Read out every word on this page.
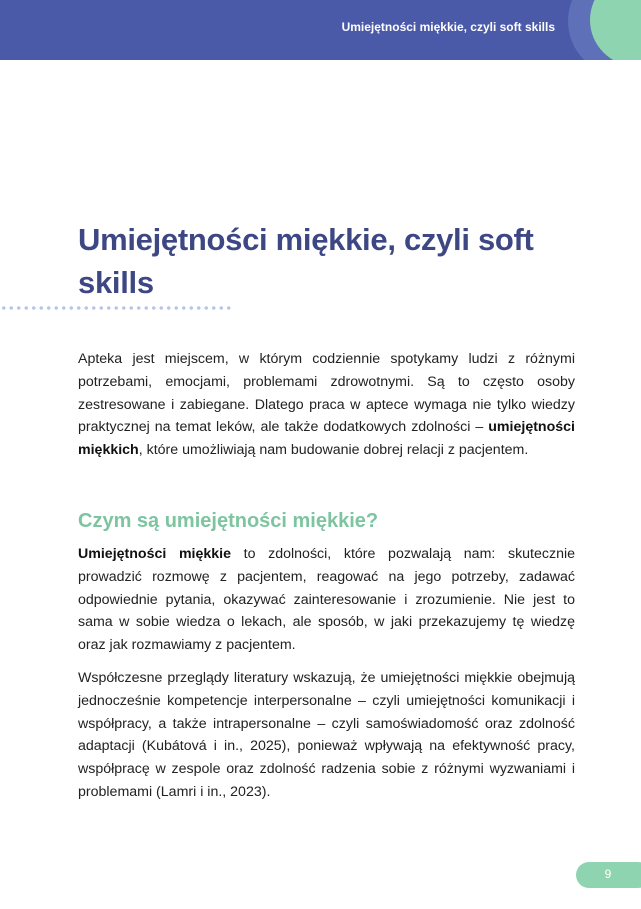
Umiejętności miękkie, czyli soft skills
Umiejętności miękkie, czyli soft skills

Apteka jest miejscem, w którym codziennie spotykamy ludzi z różnymi potrzebami, emocjami, problemami zdrowotnymi. Są to często osoby zestresowane i zabiegane. Dlatego praca w aptece wymaga nie tylko wiedzy praktycznej na temat leków, ale także dodatkowych zdolności – umiejętności miękkich, które umożliwiają nam budowanie dobrej relacji z pacjentem.

Czym są umiejętności miękkie?

Umiejętności miękkie to zdolności, które pozwalają nam: skutecznie prowadzić rozmowę z pacjentem, reagować na jego potrzeby, zadawać odpowiednie pytania, okazywać zainteresowanie i zrozumienie. Nie jest to sama w sobie wiedza o lekach, ale sposób, w jaki przekazujemy tę wiedzę oraz jak rozmawiamy z pacjentem.

Współczesne przeglądy literatury wskazują, że umiejętności miękkie obejmują jednocześnie kompetencje interpersonalne – czyli umiejętności komunikacji i współpracy, a także intrapersonalne – czyli samoświadomość oraz zdolność adaptacji (Kubátová i in., 2025), ponieważ wpływają na efektywność pracy, współpracę w zespole oraz zdolność radzenia sobie z różnymi wyzwaniami i problemami (Lamri i in., 2023).

9
